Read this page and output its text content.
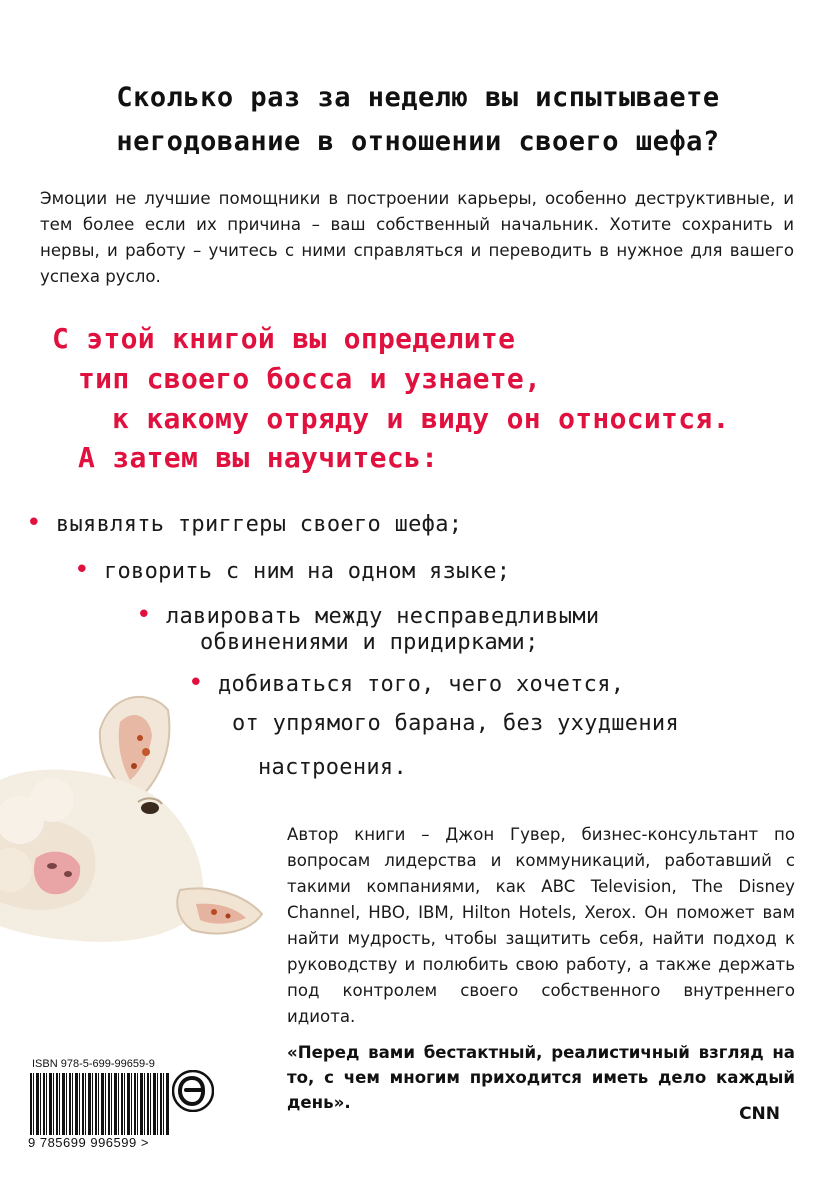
Сколько раз за неделю вы испытываете
негодование в отношении своего шефа?
Эмоции не лучшие помощники в построении карьеры, особенно деструктивные, и тем более если их причина – ваш собственный начальник. Хотите сохранить и нервы, и работу – учитесь с ними справляться и переводить в нужное для вашего успеха русло.
С этой книгой вы определите
тип своего босса и узнаете,
к какому отряду и виду он относится.
А затем вы научитесь:
• выявлять триггеры своего шефа;
• говорить с ним на одном языке;
• лавировать между несправедливыми
обвинениями и придирками;
• добиваться того, чего хочется,
от упрямого барана, без ухудшения
настроения.
Автор книги – Джон Гувер, бизнес-консультант по вопросам лидерства и коммуникаций, работавший с такими компаниями, как ABC Television, The Disney Channel, HBO, IBM, Hilton Hotels, Xerox. Он поможет вам найти мудрость, чтобы защитить себя, найти подход к руководству и полюбить свою работу, а также держать под контролем своего собственного внутреннего идиота.
«Перед вами бестактный, реалистичный взгляд на то, с чем многим приходится иметь дело каждый день».
CNN
ISBN 978-5-699-99659-9
9 785699 996599 >
